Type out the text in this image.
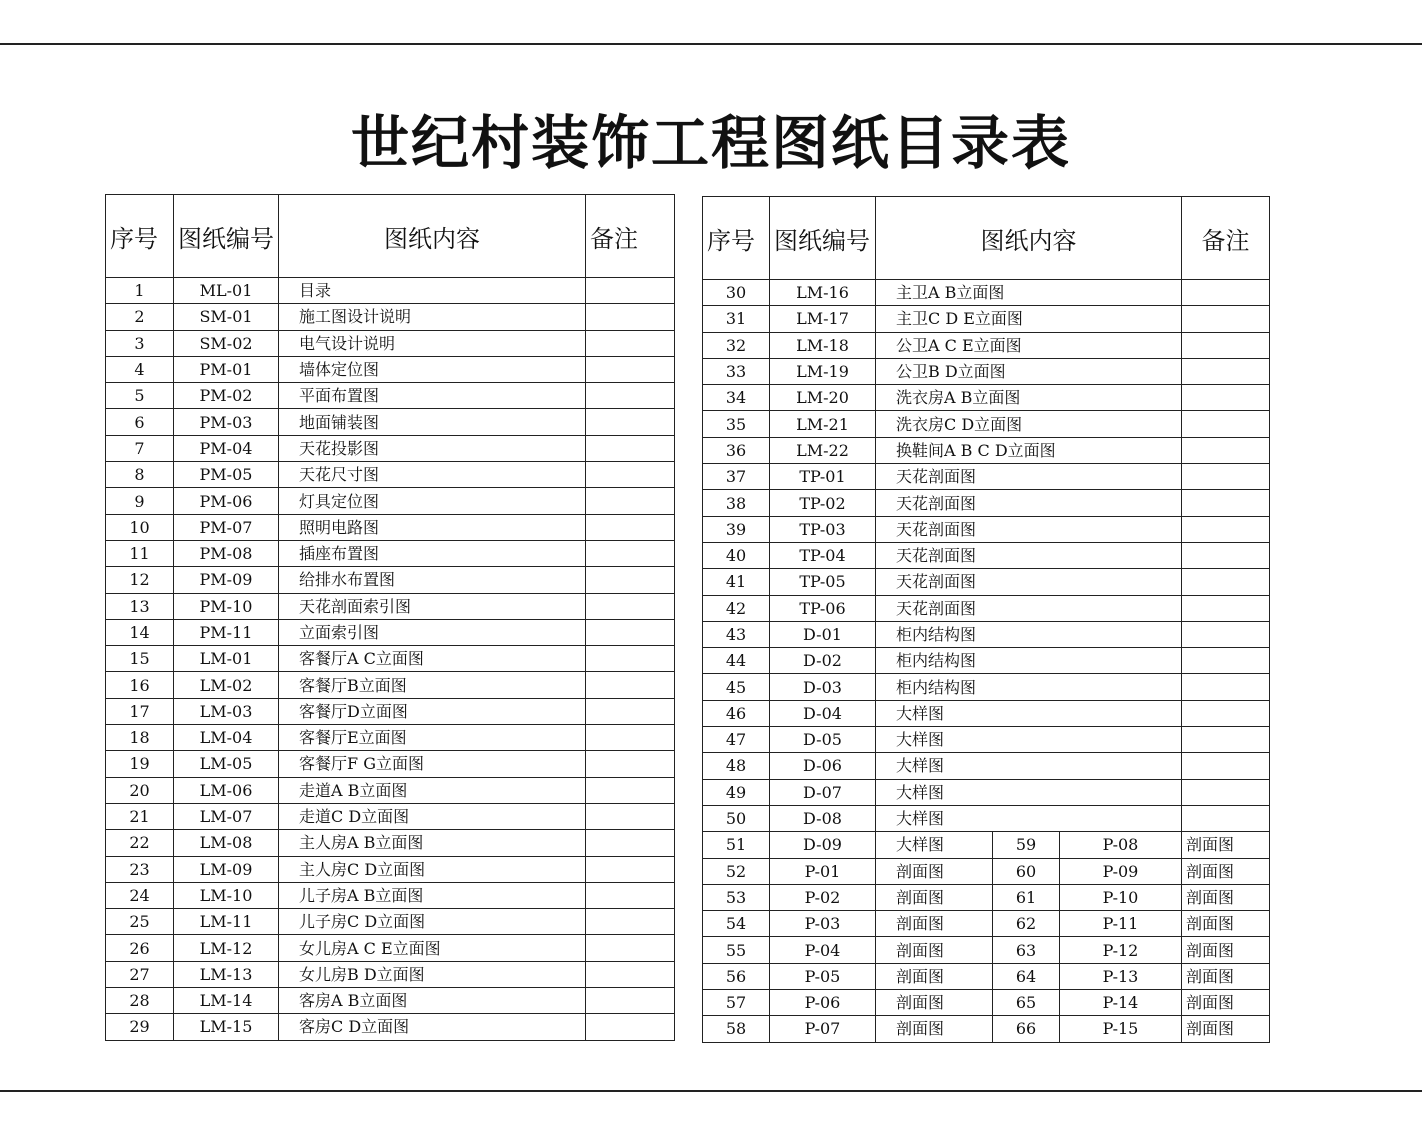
世纪村装饰工程图纸目录表
序号	图纸编号	图纸内容	备注
1	ML-01	目录	
2	SM-01	施工图设计说明	
3	SM-02	电气设计说明	
4	PM-01	墙体定位图	
5	PM-02	平面布置图	
6	PM-03	地面铺装图	
7	PM-04	天花投影图	
8	PM-05	天花尺寸图	
9	PM-06	灯具定位图	
10	PM-07	照明电路图	
11	PM-08	插座布置图	
12	PM-09	给排水布置图	
13	PM-10	天花剖面索引图	
14	PM-11	立面索引图	
15	LM-01	客餐厅A C立面图	
16	LM-02	客餐厅B立面图	
17	LM-03	客餐厅D立面图	
18	LM-04	客餐厅E立面图	
19	LM-05	客餐厅F G立面图	
20	LM-06	走道A B立面图	
21	LM-07	走道C D立面图	
22	LM-08	主人房A B立面图	
23	LM-09	主人房C D立面图	
24	LM-10	儿子房A B立面图	
25	LM-11	儿子房C D立面图	
26	LM-12	女儿房A C E立面图	
27	LM-13	女儿房B D立面图	
28	LM-14	客房A B立面图	
29	LM-15	客房C D立面图	
序号	图纸编号	图纸内容			备注
30	LM-16	主卫A B立面图			
31	LM-17	主卫C D E立面图			
32	LM-18	公卫A C E立面图			
33	LM-19	公卫B D立面图			
34	LM-20	洗衣房A B立面图			
35	LM-21	洗衣房C D立面图			
36	LM-22	换鞋间A B C D立面图			
37	TP-01	天花剖面图			
38	TP-02	天花剖面图			
39	TP-03	天花剖面图			
40	TP-04	天花剖面图			
41	TP-05	天花剖面图			
42	TP-06	天花剖面图			
43	D-01	柜内结构图			
44	D-02	柜内结构图			
45	D-03	柜内结构图			
46	D-04	大样图			
47	D-05	大样图			
48	D-06	大样图			
49	D-07	大样图			
50	D-08	大样图			
51	D-09	大样图	59	P-08	剖面图
52	P-01	剖面图	60	P-09	剖面图
53	P-02	剖面图	61	P-10	剖面图
54	P-03	剖面图	62	P-11	剖面图
55	P-04	剖面图	63	P-12	剖面图
56	P-05	剖面图	64	P-13	剖面图
57	P-06	剖面图	65	P-14	剖面图
58	P-07	剖面图	66	P-15	剖面图
